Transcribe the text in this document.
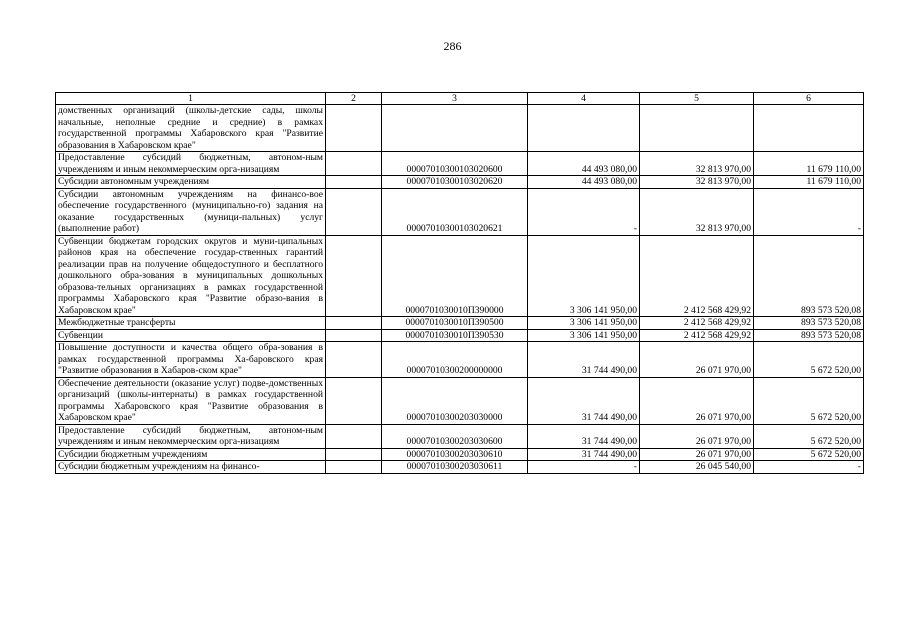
286
1	2	3	4	5	6
домственных организаций (школы-детские сады, школы начальные, неполные средние и средние) в рамках государственной программы Хабаровского края "Развитие образования в Хабаровском крае"					
Предоставление субсидий бюджетным, автоном-ным учреждениям и иным некоммерческим орга-низациям		00007010300103020600	44 493 080,00	32 813 970,00	11 679 110,00
Субсидии автономным учреждениям		00007010300103020620	44 493 080,00	32 813 970,00	11 679 110,00
Субсидии автономным учреждениям на финансо-вое обеспечение государственного (муниципально-го) задания на оказание государственных (муници-пальных) услуг (выполнение работ)		00007010300103020621	-	32 813 970,00	-
Субвенции бюджетам городских округов и муни-ципальных районов края на обеспечение государ-ственных гарантий реализации прав на получение общедоступного и бесплатного дошкольного обра-зования в муниципальных дошкольных образова-тельных организациях в рамках государственной программы Хабаровского края "Развитие образо-вания в Хабаровском крае"		0000701030010П390000	3 306 141 950,00	2 412 568 429,92	893 573 520,08
Межбюджетные трансферты		0000701030010П390500	3 306 141 950,00	2 412 568 429,92	893 573 520,08
Субвенции		0000701030010П390530	3 306 141 950,00	2 412 568 429,92	893 573 520,08
Повышение доступности и качества общего обра-зования в рамках государственной программы Ха-баровского края "Развитие образования в Хабаров-ском крае"		00007010300200000000	31 744 490,00	26 071 970,00	5 672 520,00
Обеспечение деятельности (оказание услуг) подве-домственных организаций (школы-интернаты) в рамках государственной программы Хабаровского края "Развитие образования в Хабаровском крае"		00007010300203030000	31 744 490,00	26 071 970,00	5 672 520,00
Предоставление субсидий бюджетным, автоном-ным учреждениям и иным некоммерческим орга-низациям		00007010300203030600	31 744 490,00	26 071 970,00	5 672 520,00
Субсидии бюджетным учреждениям		00007010300203030610	31 744 490,00	26 071 970,00	5 672 520,00
Субсидии бюджетным учреждениям на финансо-		00007010300203030611	-	26 045 540,00	-
